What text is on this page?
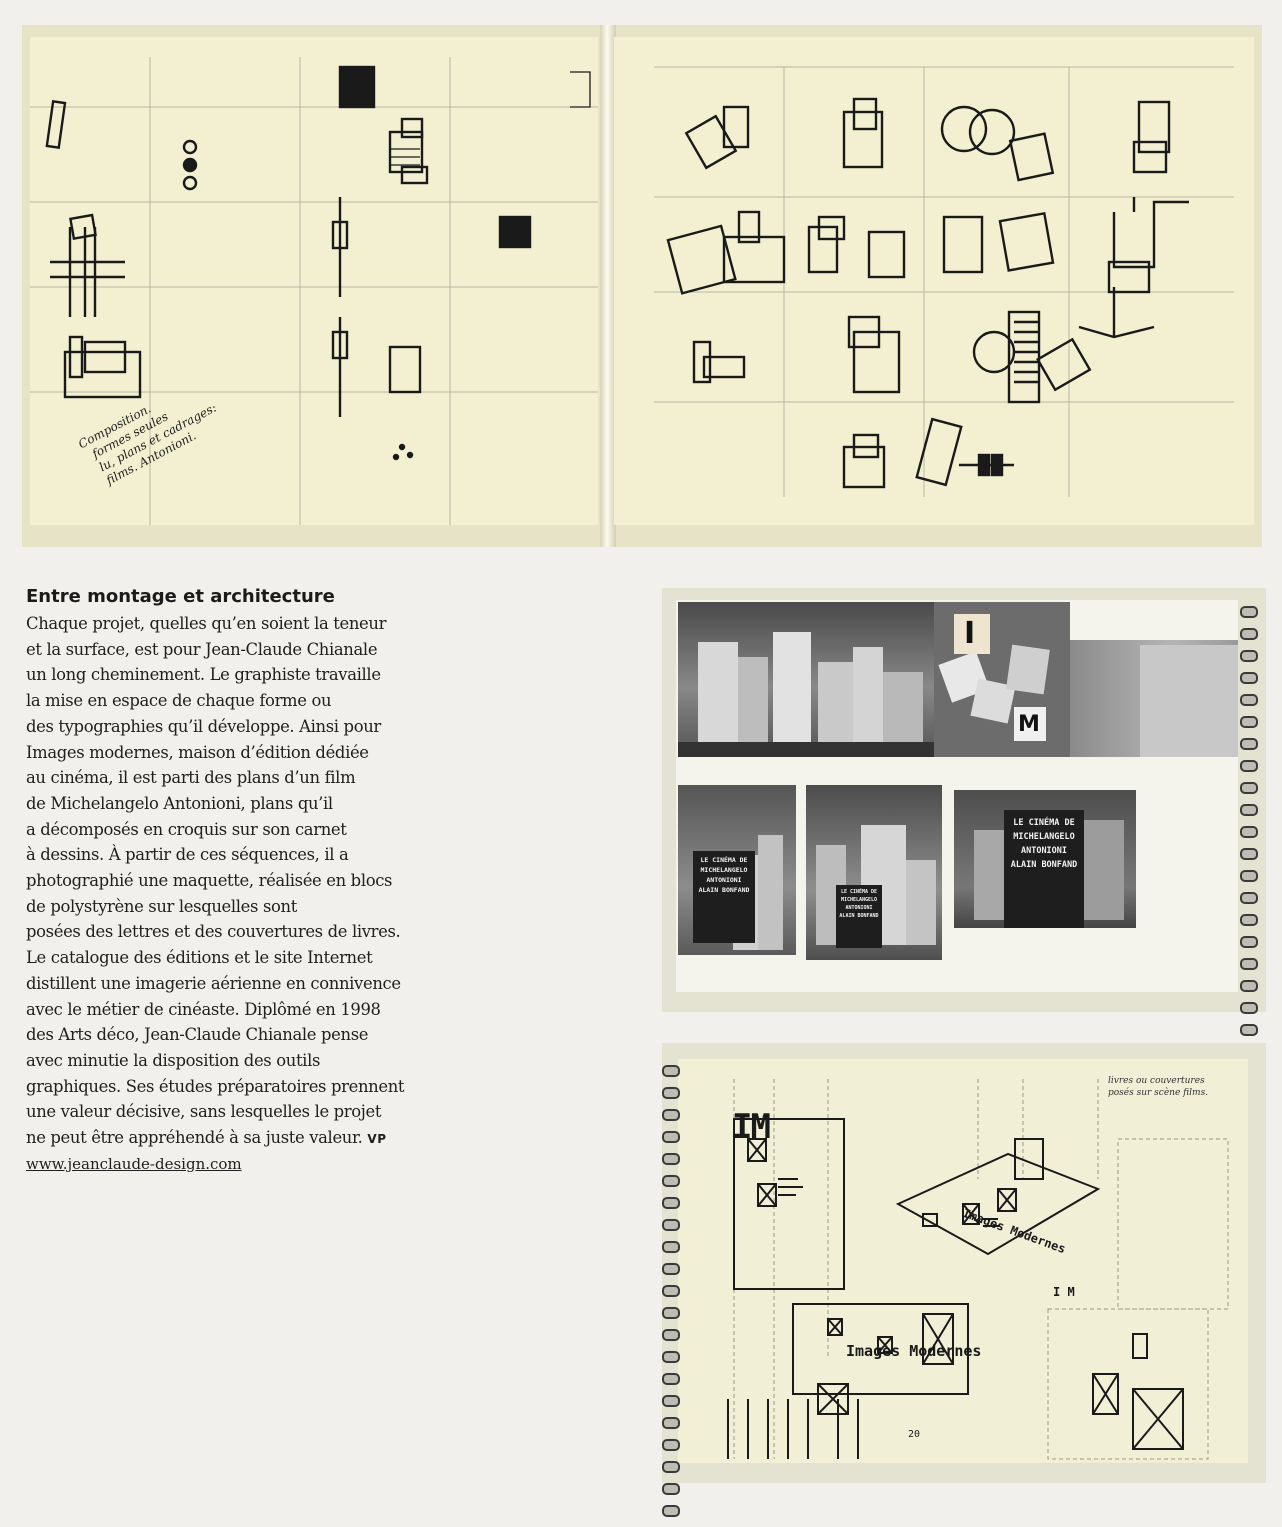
Composition.
formes seules
lu, plans et cadrages:
films. Antonioni.
Entre montage et architecture

Chaque projet, quelles qu’en soient la teneur
et la surface, est pour Jean-Claude Chianale
un long cheminement. Le graphiste travaille
la mise en espace de chaque forme ou
des typographies qu’il développe. Ainsi pour
Images modernes, maison d’édition dédiée
au cinéma, il est parti des plans d’un film
de Michelangelo Antonioni, plans qu’il
a décomposés en croquis sur son carnet
à dessins. À partir de ces séquences, il a
photographié une maquette, réalisée en blocs
de polystyrène sur lesquelles sont
posées des lettres et des couvertures de livres.
Le catalogue des éditions et le site Internet
distillent une imagerie aérienne en connivence
avec le métier de cinéaste. Diplômé en 1998
des Arts déco, Jean-Claude Chianale pense
avec minutie la disposition des outils
graphiques. Ses études préparatoires prennent
une valeur décisive, sans lesquelles le projet
ne peut être appréhendé à sa juste valeur. VP

www.jeanclaude-design.com
I
M
LE CINÉMA DE
MICHELANGELO
ANTONIONI
ALAIN BONFAND	LE CINÉMA DE
MICHELANGELO
ANTONIONI
ALAIN BONFAND
LE CINÉMA DE
MICHELANGELO
ANTONIONI
ALAIN BONFAND
IM
Images Modernes
Images Modernes
I M
20
livres ou couvertures
posés sur scène films.
